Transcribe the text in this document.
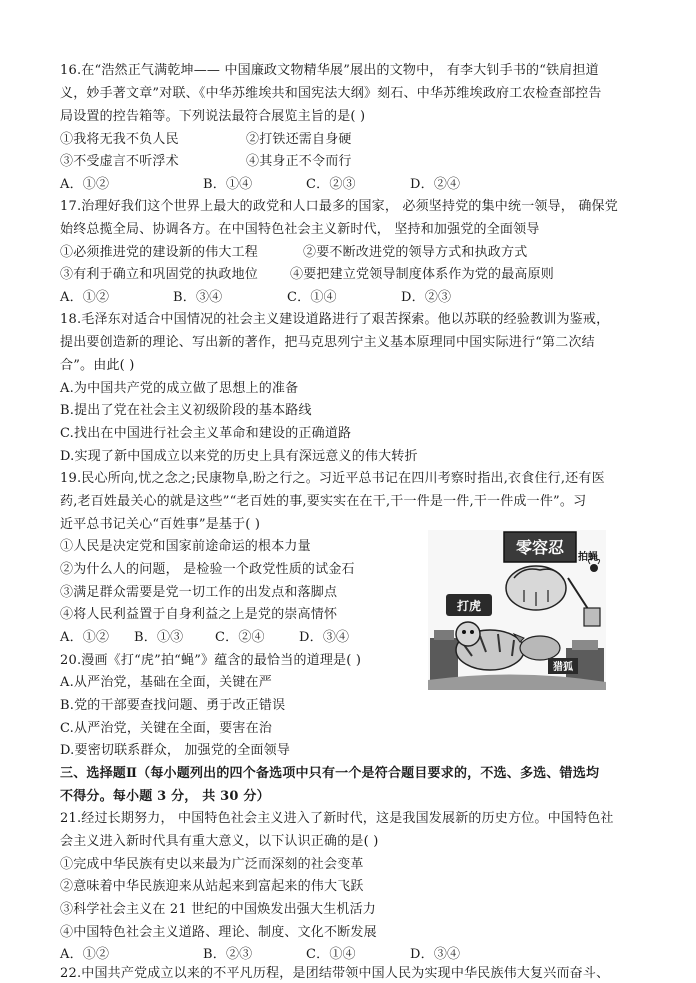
16.在“浩然正气满乾坤—— 中国廉政文物精华展”展出的文物中， 有李大钊手书的“铁肩担道
义，妙手著文章”对联、《中华苏维埃共和国宪法大纲》刻石、中华苏维埃政府工农检查部控告
局设置的控告箱等。下列说法最符合展览主旨的是( )
①我将无我不负人民	②打铁还需自身硬
③不受虚言不听浮术	④其身正不令而行
A．①②	B．①④	C．②③	D．②④
17.治理好我们这个世界上最大的政党和人口最多的国家， 必须坚持党的集中统一领导， 确保党
始终总揽全局、协调各方。在中国特色社会主义新时代， 坚持和加强党的全面领导
①必须推进党的建设新的伟大工程	②要不断改进党的领导方式和执政方式
③有利于确立和巩固党的执政地位 ④要把建立党领导制度体系作为党的最高原则
A．①②	B．③④	C．①④	D．②③
18.毛泽东对适合中国情况的社会主义建设道路进行了艰苦探索。他以苏联的经验教训为鉴戒，
提出要创造新的理论、写出新的著作，把马克思列宁主义基本原理同中国实际进行“第二次结
合”。由此( )
A.为中国共产党的成立做了思想上的准备
B.提出了党在社会主义初级阶段的基本路线
C.找出在中国进行社会主义革命和建设的正确道路
D.实现了新中国成立以来党的历史上具有深远意义的伟大转折
19.民心所向,忧之念之;民康物阜,盼之行之。习近平总书记在四川考察时指出,衣食住行,还有医
药,老百姓最关心的就是这些”“老百姓的事,要实实在在干,干一件是一件,干一件成一件”。习
近平总书记关心“百姓事”是基于( )
①人民是决定党和国家前途命运的根本力量
②为什么人的问题， 是检验一个政党性质的试金石
③满足群众需要是党一切工作的出发点和落脚点
④将人民利益置于自身利益之上是党的崇高情怀
A．①② B．①③ C．②④	D．③④
20.漫画《打“虎”拍“蝇”》蕴含的最恰当的道理是( )
A.从严治党，基础在全面，关键在严
B.党的干部要查找问题、勇于改正错误
C.从严治党，关键在全面，要害在治
D.要密切联系群众， 加强党的全面领导
零容忍
拍蝇
打虎
猎狐
三、选择题Ⅱ（每小题列出的四个备选项中只有一个是符合题目要求的，不选、多选、错选均
不得分。每小题 3 分， 共 30 分）
21.经过长期努力， 中国特色社会主义进入了新时代，这是我国发展新的历史方位。中国特色社
会主义进入新时代具有重大意义，以下认识正确的是( )
①完成中华民族有史以来最为广泛而深刻的社会变革
②意味着中华民族迎来从站起来到富起来的伟大飞跃
③科学社会主义在 21 世纪的中国焕发出强大生机活力
④中国特色社会主义道路、理论、制度、文化不断发展
A．①②	B．②③	C．①④	D．③④
22.中国共产党成立以来的不平凡历程，是团结带领中国人民为实现中华民族伟大复兴而奋斗、
